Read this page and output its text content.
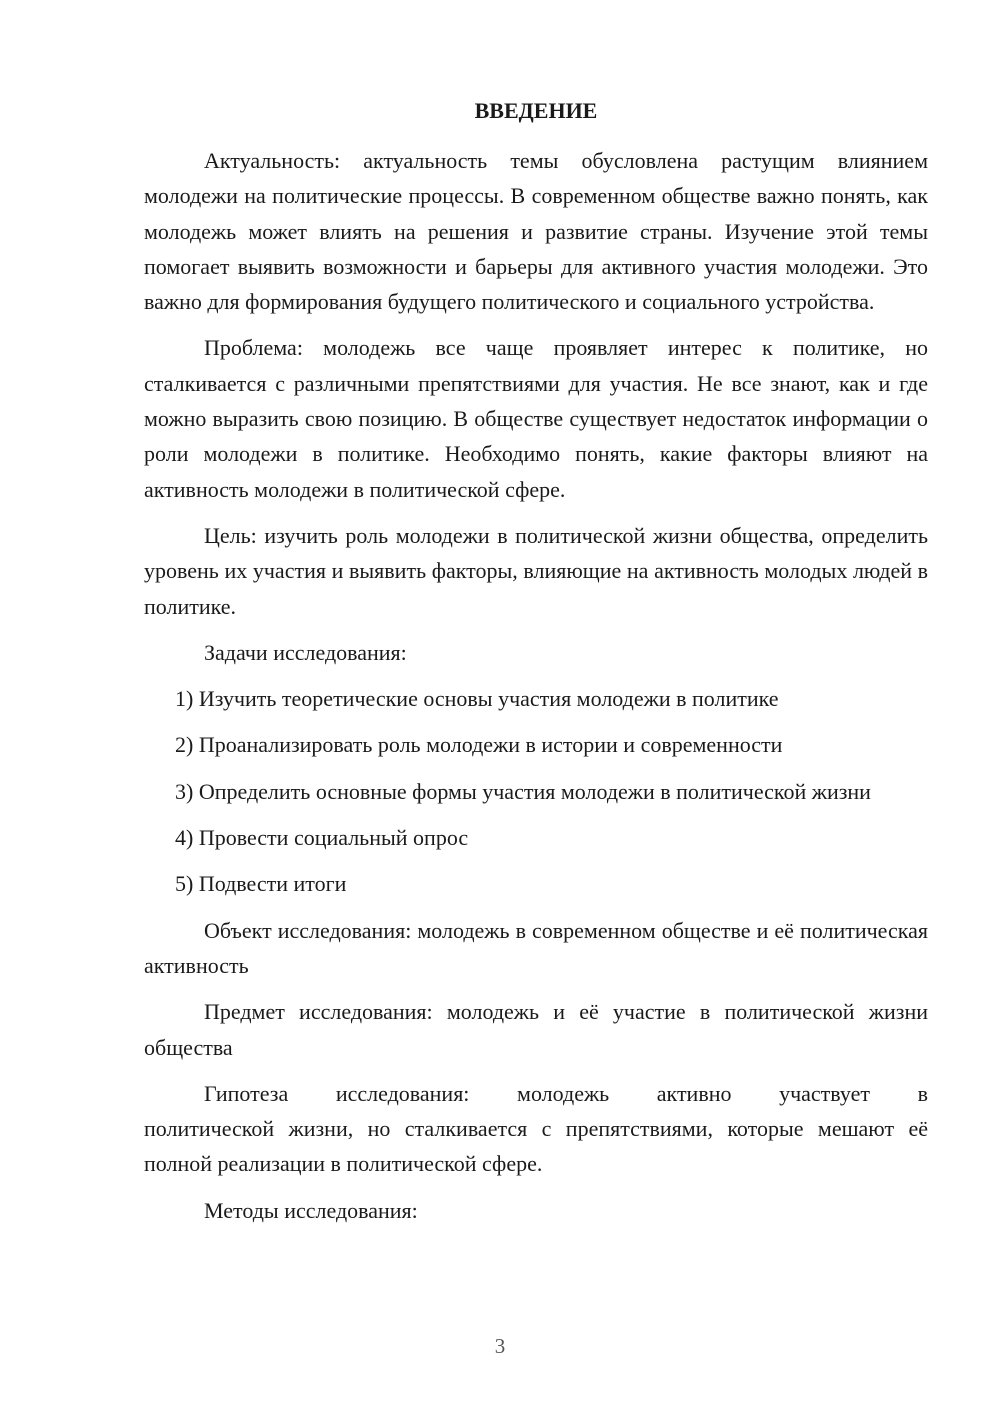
ВВЕДЕНИЕ

Актуальность: актуальность темы обусловлена растущим влиянием молодежи на политические процессы. В современном обществе важно понять, как молодежь может влиять на решения и развитие страны. Изучение этой темы помогает выявить возможности и барьеры для активного участия молодежи. Это важно для формирования будущего политического и социального устройства.

Проблема: молодежь все чаще проявляет интерес к политике, но сталкивается с различными препятствиями для участия. Не все знают, как и где можно выразить свою позицию. В обществе существует недостаток информации о роли молодежи в политике. Необходимо понять, какие факторы влияют на активность молодежи в политической сфере.

Цель: изучить роль молодежи в политической жизни общества, определить уровень их участия и выявить факторы, влияющие на активность молодых людей в политике.

Задачи исследования:

1) Изучить теоретические основы участия молодежи в политике

2) Проанализировать роль молодежи в истории и современности

3) Определить основные формы участия молодежи в политической жизни

4) Провести социальный опрос

5) Подвести итоги

Объект исследования: молодежь в современном обществе и её политическая активность

Предмет исследования: молодежь и её участие в политической жизни общества

Гипотеза исследования: молодежь активно участвует в

политической жизни, но сталкивается с препятствиями, которые мешают её полной реализации в политической сфере.

Методы исследования:

3
